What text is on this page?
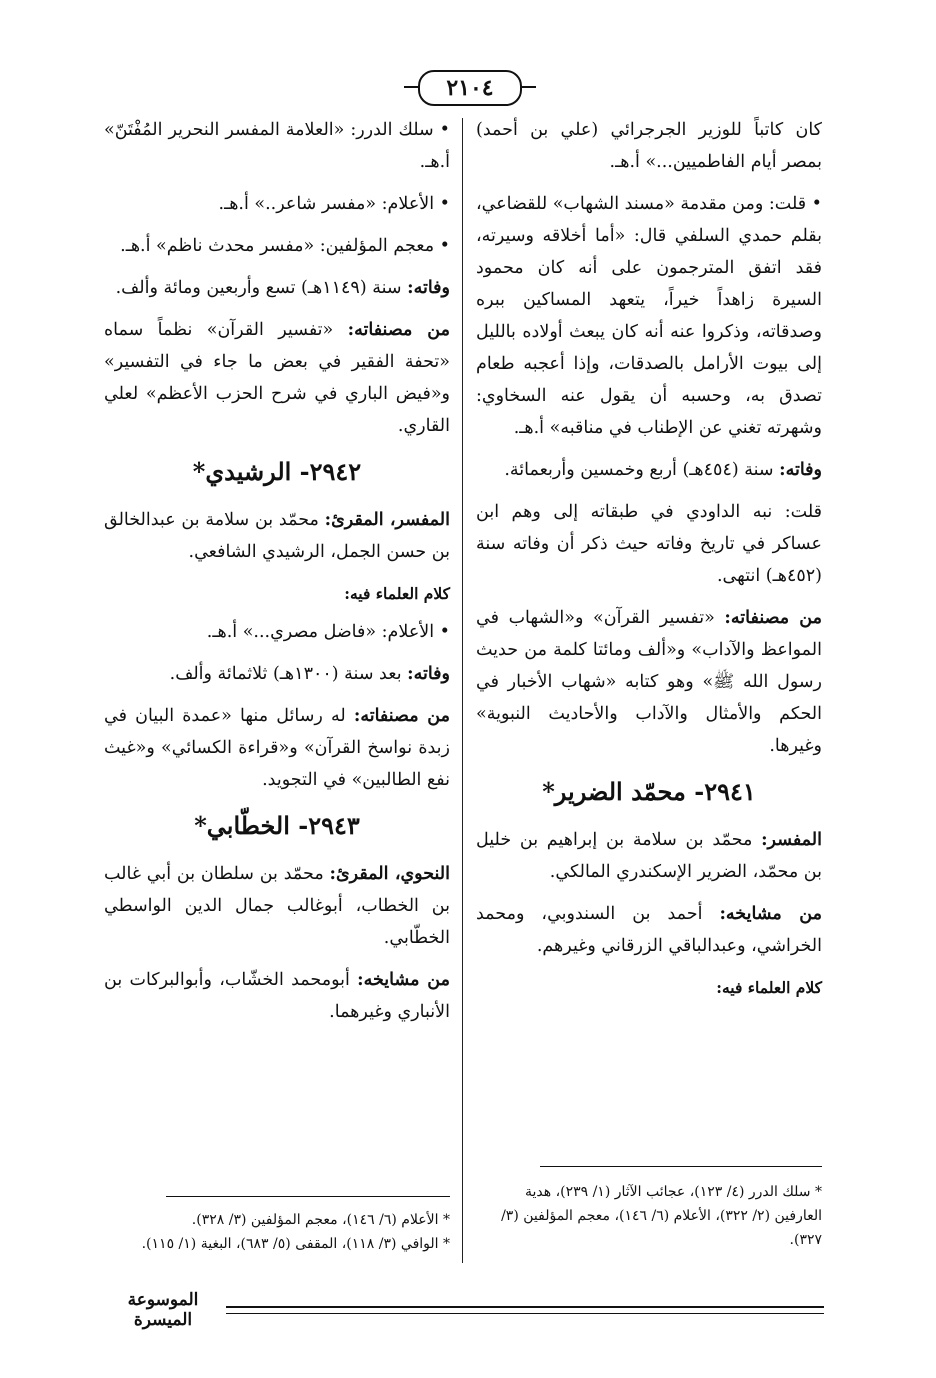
٢١٠٤

كان كاتباً للوزير الجرجرائي (علي بن أحمد) بمصر أيام الفاطميين...» أ.هـ.

• قلت: ومن مقدمة «مسند الشهاب» للقضاعي، بقلم حمدي السلفي قال: «أما أخلاقه وسيرته، فقد اتفق المترجمون على أنه كان محمود السيرة زاهداً خيراً، يتعهد المساكين ببره وصدقاته، وذكروا عنه أنه كان يبعث أولاده بالليل إلى بيوت الأرامل بالصدقات، وإذا أعجبه طعام تصدق به، وحسبه أن يقول عنه السخاوي: وشهرته تغني عن الإطناب في مناقبه» أ.هـ.

وفاته: سنة (٤٥٤هـ) أربع وخمسين وأربعمائة.

قلت: نبه الداودي في طبقاته إلى وهم ابن عساكر في تاريخ وفاته حيث ذكر أن وفاته سنة (٤٥٢هـ) انتهى.

من مصنفاته: «تفسير القرآن» و«الشهاب في المواعظ والآداب» و«ألف ومائتا كلمة من حديث رسول الله ﷺ» وهو كتابه «شهاب الأخبار في الحكم والأمثال والآداب والأحاديث النبوية» وغيرها.

٢٩٤١- محمّد الضرير*

المفسر: محمّد بن سلامة بن إبراهيم بن خليل بن محمّد، الضرير الإسكندري المالكي.

من مشايخه: أحمد بن السندوبي، ومحمد الخراشي، وعبدالباقي الزرقاني وغيرهم.

كلام العلماء فيه:

• سلك الدرر: «العلامة المفسر النحرير المُفْتَنّ» أ.هـ.

• الأعلام: «مفسر شاعر..» أ.هـ.

• معجم المؤلفين: «مفسر محدث ناظم» أ.هـ.

وفاته: سنة (١١٤٩هـ) تسع وأربعين ومائة وألف.

من مصنفاته: «تفسير القرآن» نظماً سماه «تحفة الفقير في بعض ما جاء في التفسير» و«فيض الباري في شرح الحزب الأعظم» لعلي القاري.

٢٩٤٢- الرشيدي*

المفسر، المقرئ: محمّد بن سلامة بن عبدالخالق بن حسن الجمل، الرشيدي الشافعي.

كلام العلماء فيه:

• الأعلام: «فاضل مصري...» أ.هـ.

وفاته: بعد سنة (١٣٠٠هـ) ثلاثمائة وألف.

من مصنفاته: له رسائل منها «عمدة البيان في زبدة نواسخ القرآن» و«قراءة الكسائي» و«غيث نفع الطالبين» في التجويد.

٢٩٤٣- الخطّابي*

النحوي، المقرئ: محمّد بن سلطان بن أبي غالب بن الخطاب، أبوغالب جمال الدين الواسطي الخطّابي.

من مشايخه: أبومحمد الخشّاب، وأبوالبركات بن الأنباري وغيرهما.

* سلك الدرر (٤/ ١٢٣)، عجائب الآثار (١/ ٢٣٩)، هدية العارفين (٢/ ٣٢٢)، الأعلام (٦/ ١٤٦)، معجم المؤلفين (٣/ ٣٢٧).

* الأعلام (٦/ ١٤٦)، معجم المؤلفين (٣/ ٣٢٨).

* الوافي (٣/ ١١٨)، المقفى (٥/ ٦٨٣)، البغية (١/ ١١٥).

الموسوعة الميسرة
